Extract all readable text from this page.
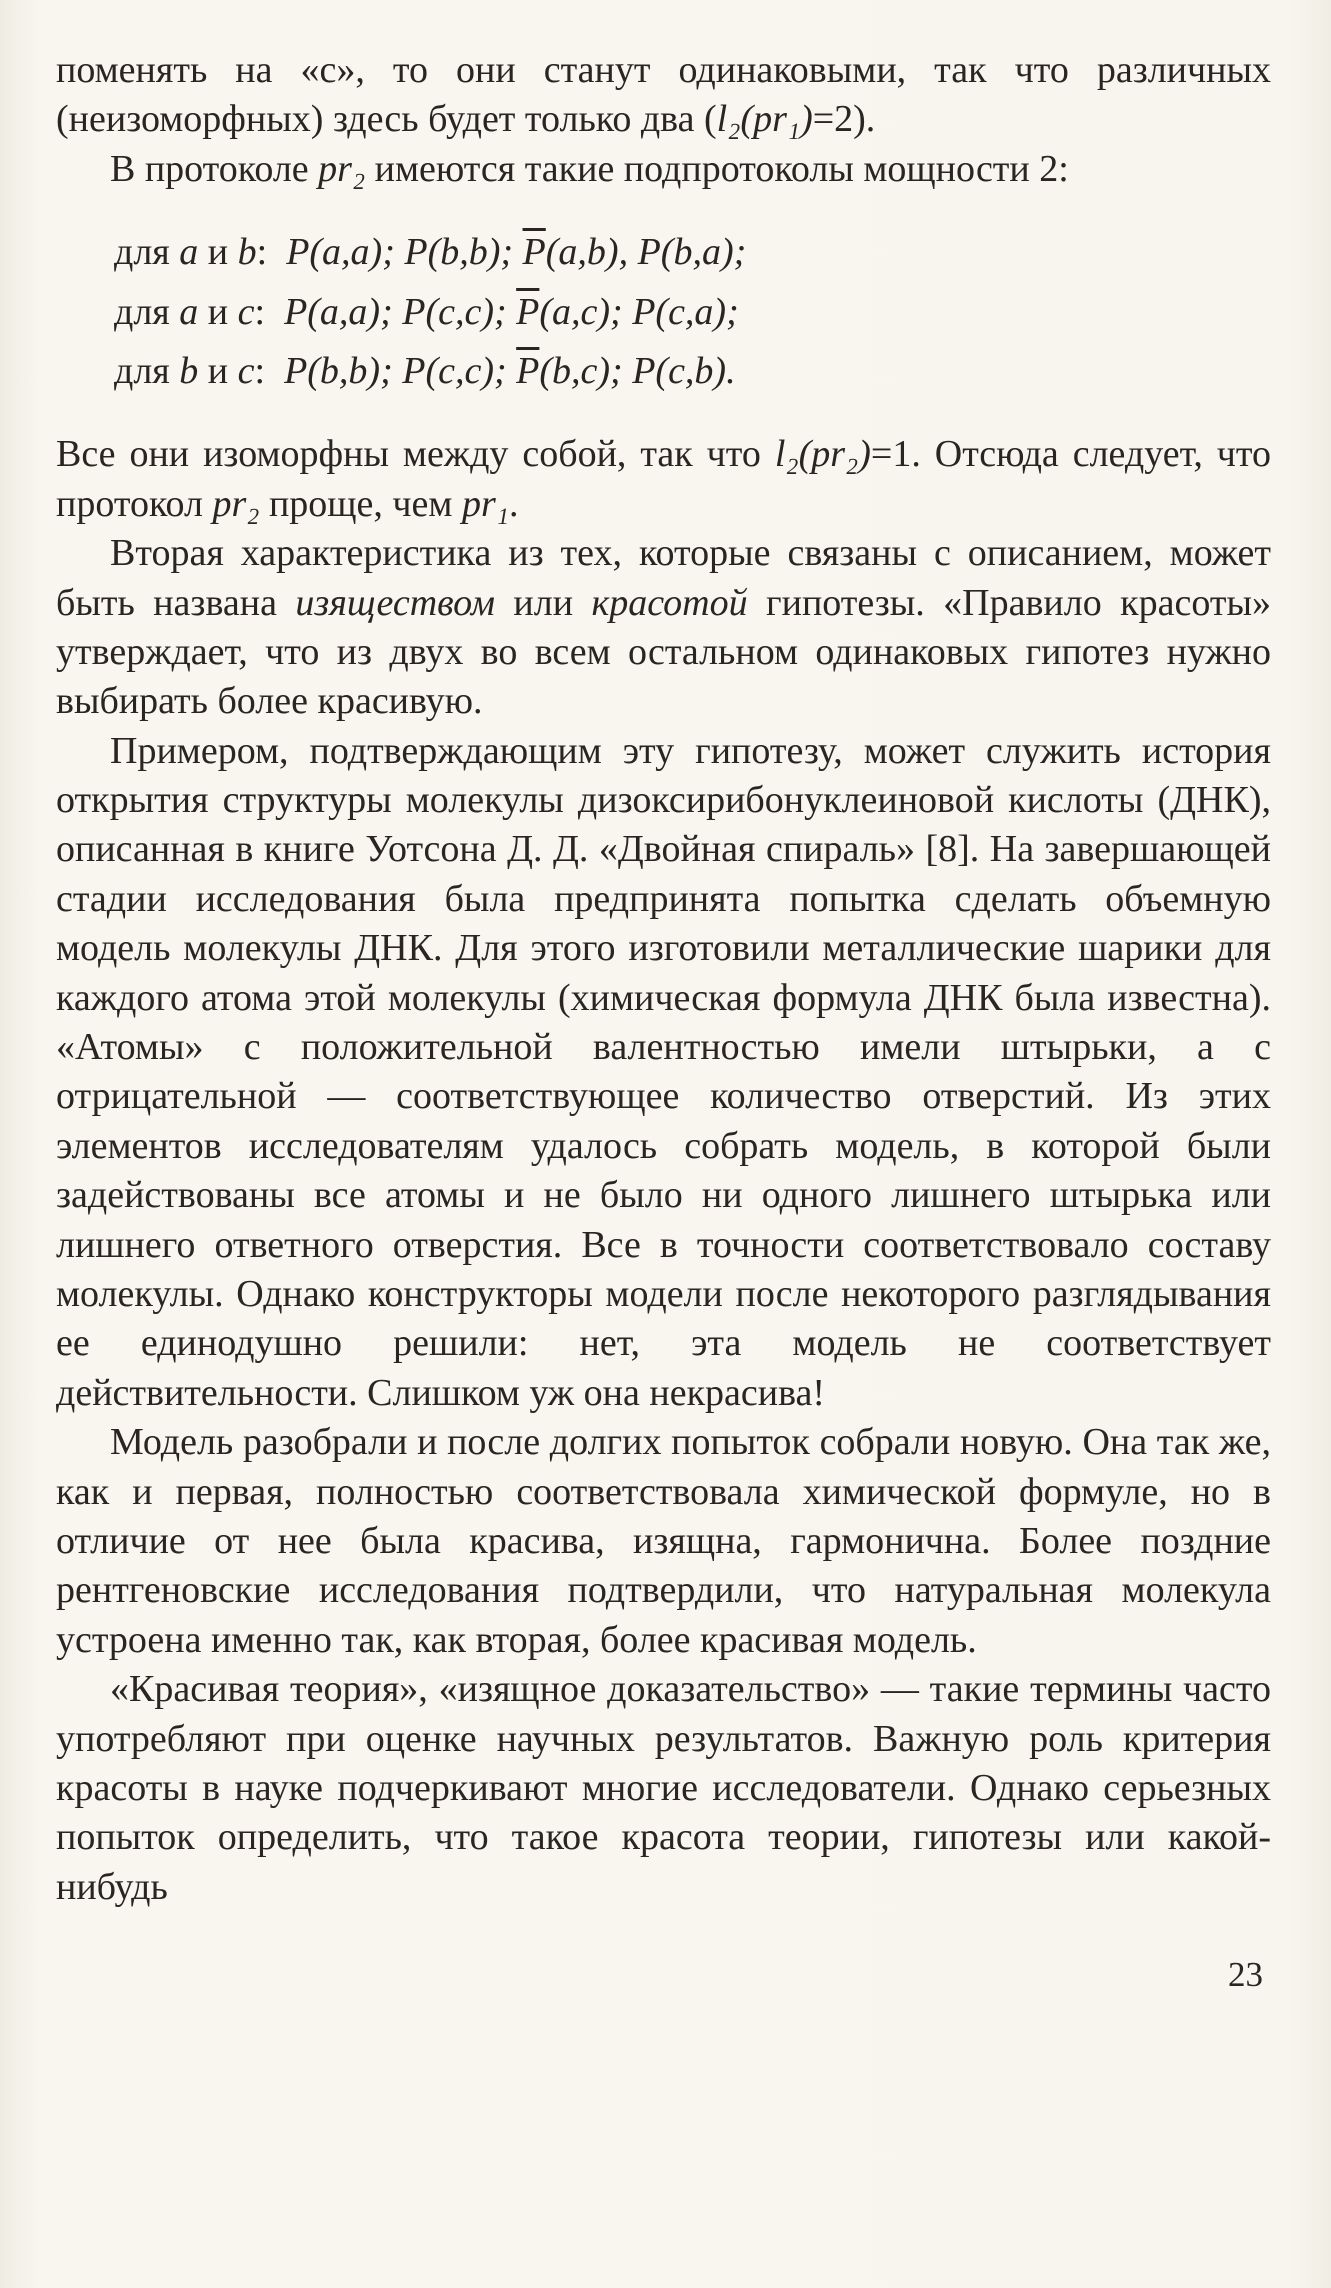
поменять на «с», то они станут одинаковыми, так что различных (неизоморфных) здесь будет только два (l₂(pr₁)=2).

В протоколе pr₂ имеются такие подпротоколы мощности 2:

для a и b: P(a,a); P(b,b); $\overline{P}(a,b)$, P(b,a);

для a и c: P(a,a); P(c,c); $\overline{P}(a,c)$; P(c,a);

для b и c: P(b,b); P(c,c); $\overline{P}(b,c)$; P(c,b).

Все они изоморфны между собой, так что l₂(pr₂)=1. Отсюда следует, что протокол pr₂ проще, чем pr₁.

Вторая характеристика из тех, которые связаны с описанием, может быть названа изяществом или красотой гипотезы. «Правило красоты» утверждает, что из двух во всем остальном одинаковых гипотез нужно выбирать более красивую.

Примером, подтверждающим эту гипотезу, может служить история открытия структуры молекулы дизоксирибонуклеиновой кислоты (ДНК), описанная в книге Уотсона Д. Д. «Двойная спираль» [8]. На завершающей стадии исследования была предпринята попытка сделать объемную модель молекулы ДНК. Для этого изготовили металлические шарики для каждого атома этой молекулы (химическая формула ДНК была известна). «Атомы» с положительной валентностью имели штырьки, а с отрицательной — соответствующее количество отверстий. Из этих элементов исследователям удалось собрать модель, в которой были задействованы все атомы и не было ни одного лишнего штырька или лишнего ответного отверстия. Все в точности соответствовало составу молекулы. Однако конструкторы модели после некоторого разглядывания ее единодушно решили: нет, эта модель не соответствует действительности. Слишком уж она некрасива!

Модель разобрали и после долгих попыток собрали новую. Она так же, как и первая, полностью соответствовала химической формуле, но в отличие от нее была красива, изящна, гармонична. Более поздние рентгеновские исследования подтвердили, что натуральная молекула устроена именно так, как вторая, более красивая модель.

«Красивая теория», «изящное доказательство» — такие термины часто употребляют при оценке научных результатов. Важную роль критерия красоты в науке подчеркивают многие исследователи. Однако серьезных попыток определить, что такое красота теории, гипотезы или какой-нибудь

23
